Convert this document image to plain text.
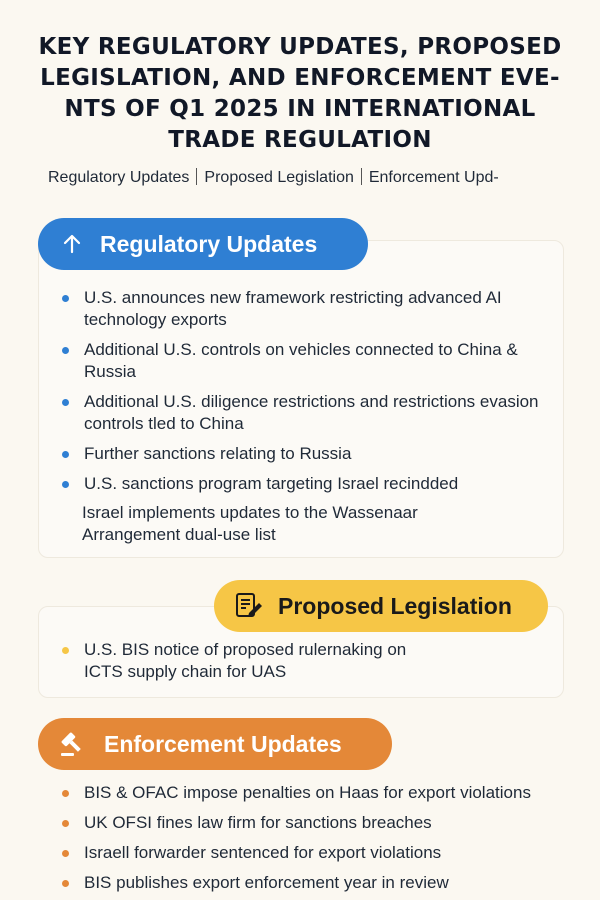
KEY REGULATORY UPDATES, PROPOSED
LEGISLATION, AND ENFORCEMENT EVE-
NTS OF Q1 2025 IN INTERNATIONAL
TRADE REGULATION
Regulatory Updates Proposed Legislation Enforcement Upd-
Regulatory Updates
U.S. announces new framework restricting advanced AI technology exports
Additional U.S. controls on vehicles connected to China & Russia
Additional U.S. diligence restrictions and restrictions evasion controls tled to China
Further sanctions relating to Russia
U.S. sanctions program targeting Israel recindded
Israel implements updates to the Wassenaar Arrangement dual-use list
Proposed Legislation
U.S. BIS notice of proposed rulernaking on ICTS supply chain for UAS
Enforcement Updates
BIS & OFAC impose penalties on Haas for export violations
UK OFSI fines law firm for sanctions breaches
Israell forwarder sentenced for export violations
BIS publishes export enforcement year in review
